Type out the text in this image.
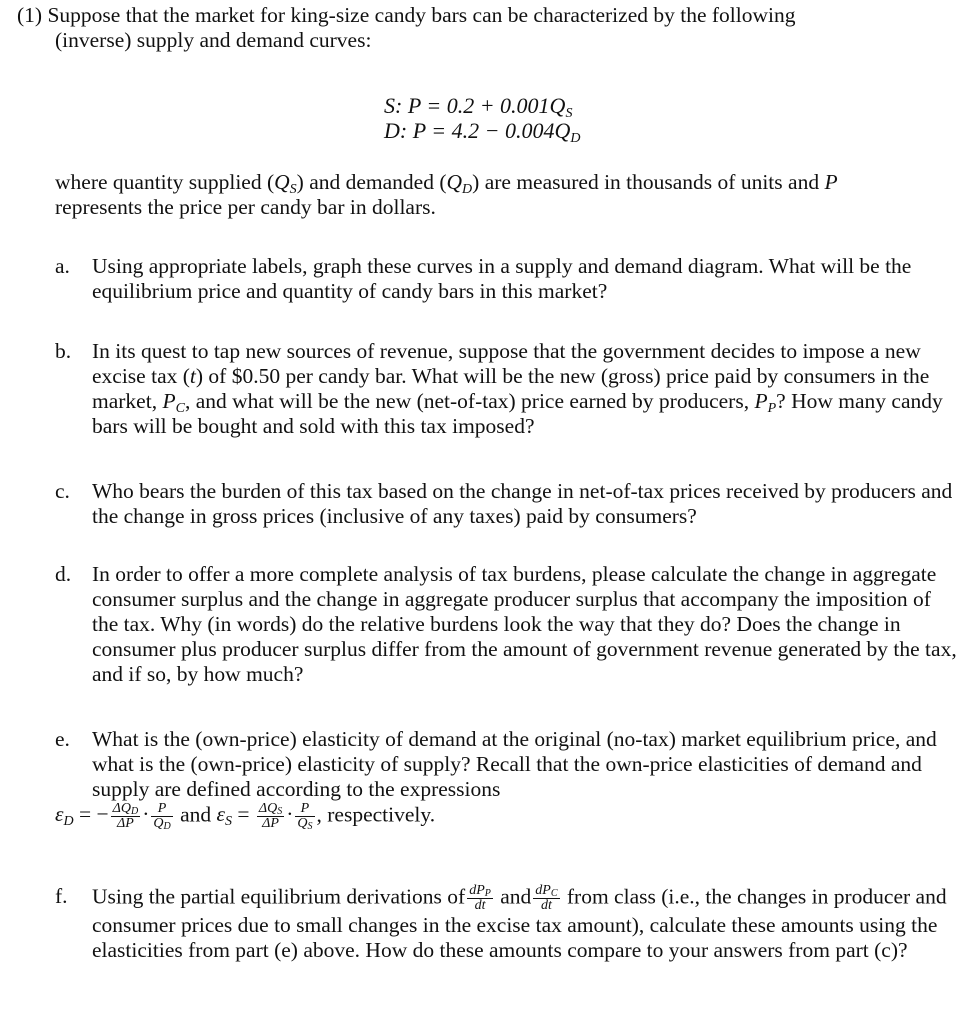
(1) Suppose that the market for king-size candy bars can be characterized by the following
(inverse) supply and demand curves:
S: $P = 0.2 + 0.001Q_S$
D: $P = 4.2 - 0.004Q_D$
where quantity supplied $(Q_S)$ and demanded $(Q_D)$ are measured in thousands of units and P
represents the price per candy bar in dollars.
a. Using appropriate labels, graph these curves in a supply and demand diagram. What will be the equilibrium price and quantity of candy bars in this market?
b. In its quest to tap new sources of revenue, suppose that the government decides to impose a new excise tax (t) of $0.50 per candy bar. What will be the new (gross) price paid by consumers in the market, $P_C$, and what will be the new (net-of-tax) price earned by producers, $P_P$? How many candy bars will be bought and sold with this tax imposed?
c. Who bears the burden of this tax based on the change in net-of-tax prices received by producers and the change in gross prices (inclusive of any taxes) paid by consumers?
d. In order to offer a more complete analysis of tax burdens, please calculate the change in aggregate consumer surplus and the change in aggregate producer surplus that accompany the imposition of the tax. Why (in words) do the relative burdens look the way that they do? Does the change in consumer plus producer surplus differ from the amount of government revenue generated by the tax, and if so, by how much?
e. What is the (own-price) elasticity of demand at the original (no-tax) market equilibrium price, and what is the (own-price) elasticity of supply? Recall that the own-price elasticities of demand and supply are defined according to the expressions
$\varepsilon_D$ = − $\frac{\Delta Q_D}{\Delta P} \cdot \frac{P}{Q_D}$ and $\varepsilon_S = \frac{\Delta Q_S}{\Delta P} \cdot \frac{P}{Q_S}$ , respectively.
f. Using the partial equilibrium derivations of $\frac{dP_P}{dt}$ and $\frac{dP_C}{dt}$ from class (i.e., the changes in producer and consumer prices due to small changes in the excise tax amount), calculate these amounts using the elasticities from part (e) above. How do these amounts compare to your answers from part (c)?
